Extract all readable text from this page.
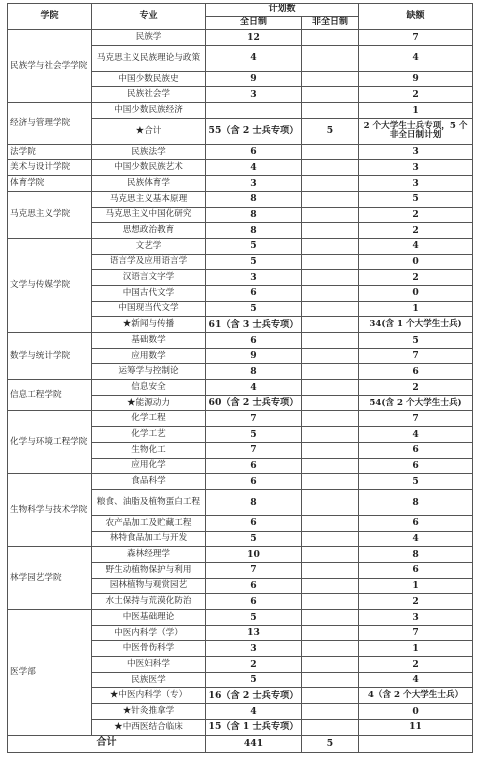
学院	专业	计划数		缺额
		全日制	非全日制	
民族学与社会学学院	民族学	12		7
	马克思主义民族理论与政策	4		4
	中国少数民族史	9		9
	民族社会学	3		2
经济与管理学院	中国少数民族经济			1
	★合计	55（含 2 士兵专项）	5	2 个大学生士兵专项，5 个非全日制计划
法学院	民族法学	6		3
美术与设计学院	中国少数民族艺术	4		3
体育学院	民族体育学	3		3
马克思主义学院	马克思主义基本原理	8		5
	马克思主义中国化研究	8		2
	思想政治教育	8		2
文学与传媒学院	文艺学	5		4
	语言学及应用语言学	5		0
	汉语言文字学	3		2
	中国古代文学	6		0
	中国现当代文学	5		1
	★新闻与传播	61（含 3 士兵专项）		34(含 1 个大学生士兵)
数学与统计学院	基础数学	6		5
	应用数学	9		7
	运筹学与控制论	8		6
信息工程学院	信息安全	4		2
	★能源动力	60（含 2 士兵专项）		54(含 2 个大学生士兵)
化学与环境工程学院	化学工程	7		7
	化学工艺	5		4
	生物化工	7		6
	应用化学	6		6
生物科学与技术学院	食品科学	6		5
	粮食、油脂及植物蛋白工程	8		8
	农产品加工及贮藏工程	6		6
	林特食品加工与开发	5		4
林学园艺学院	森林经理学	10		8
	野生动植物保护与利用	7		6
	园林植物与观赏园艺	6		1
	水土保持与荒漠化防治	6		2
医学部	中医基础理论	5		3
	中医内科学（学）	13		7
	中医骨伤科学	3		1
	中医妇科学	2		2
	民族医学	5		4
	★中医内科学（专）	16（含 2 士兵专项）		4（含 2 个大学生士兵）
	★针灸推拿学	4		0
	★中西医结合临床	15（含 1 士兵专项）		11
合计		441	5	
